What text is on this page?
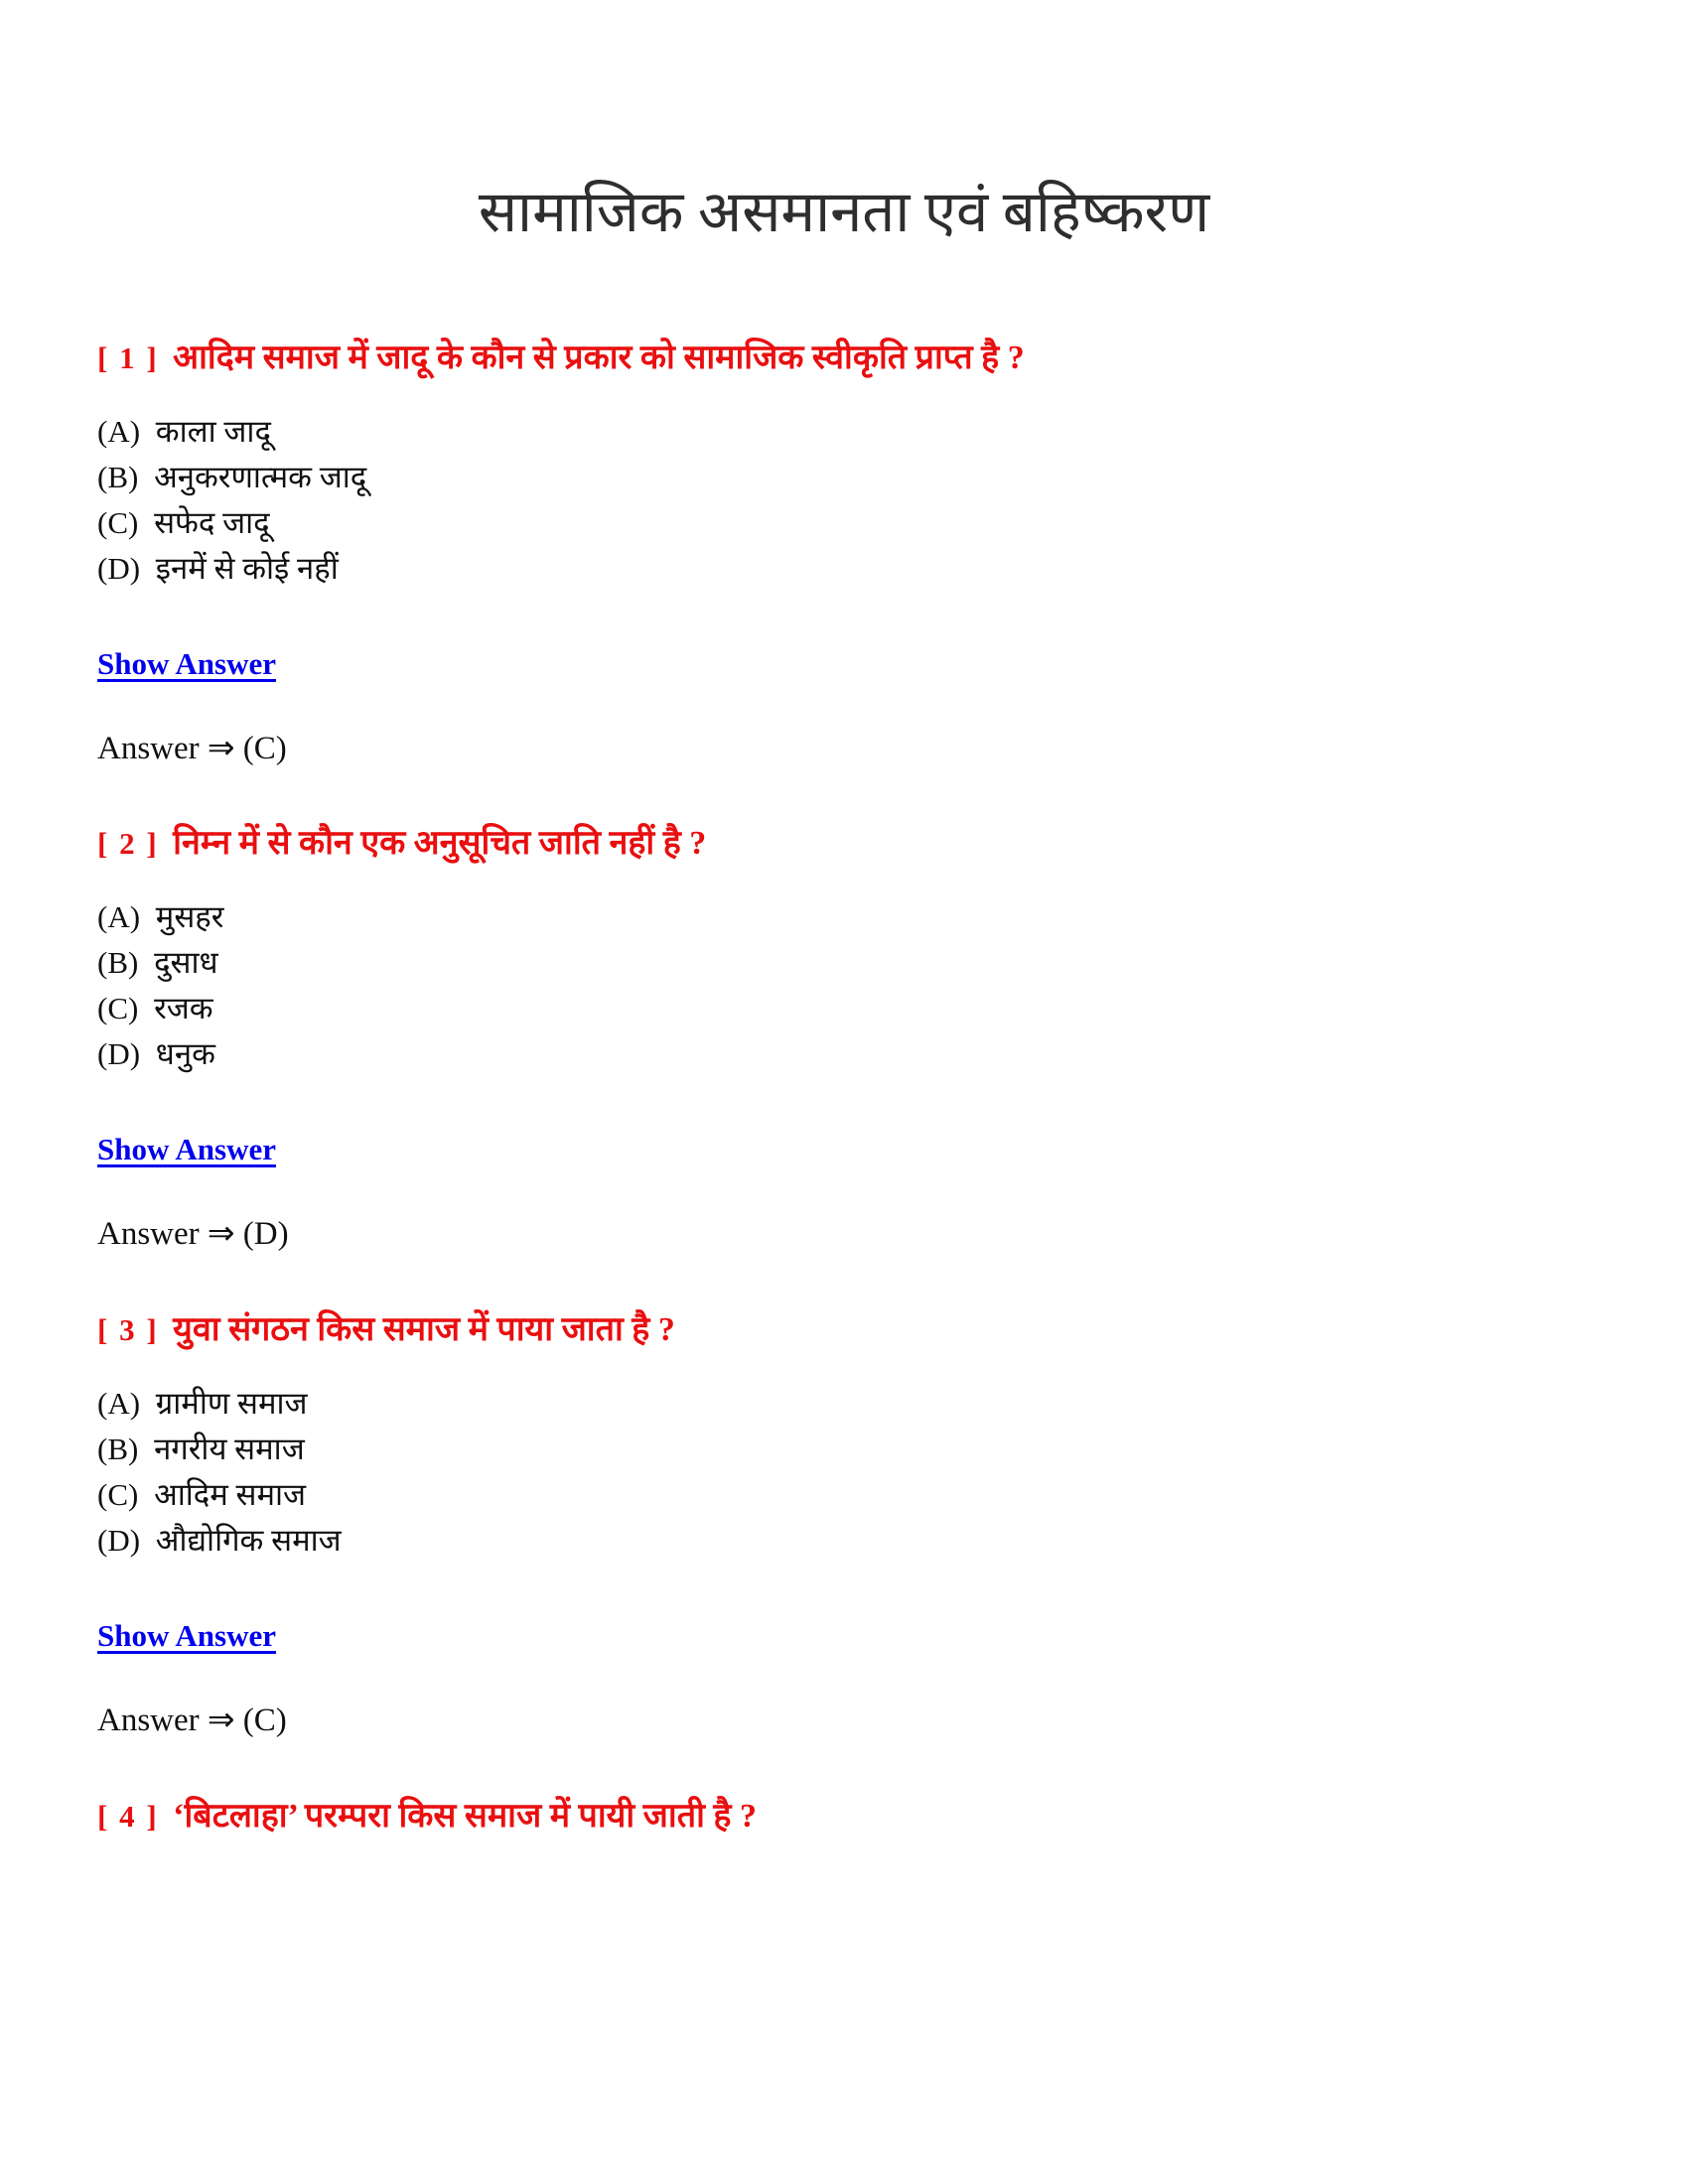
सामाजिक असमानता एवं बहिष्करण

[ 1 ] आदिम समाज में जादू के कौन से प्रकार को सामाजिक स्वीकृति प्राप्त है ?

(A) काला जादू

(B) अनुकरणात्मक जादू

(C) सफेद जादू

(D) इनमें से कोई नहीं

Show Answer

Answer ⇒ (C)

[ 2 ] निम्न में से कौन एक अनुसूचित जाति नहीं है ?

(A) मुसहर

(B) दुसाध

(C) रजक

(D) धनुक

Show Answer

Answer ⇒ (D)

[ 3 ] युवा संगठन किस समाज में पाया जाता है ?

(A) ग्रामीण समाज

(B) नगरीय समाज

(C) आदिम समाज

(D) औद्योगिक समाज

Show Answer

Answer ⇒ (C)

[ 4 ] ‘बिटलाहा’ परम्परा किस समाज में पायी जाती है ?
